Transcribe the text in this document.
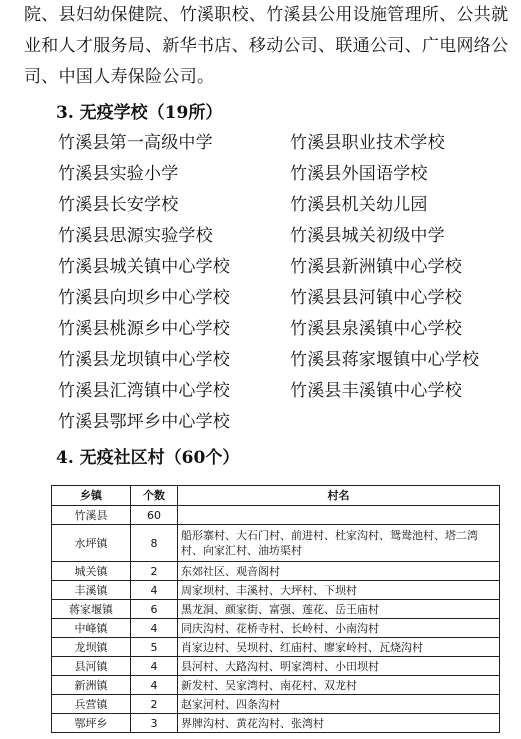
院、县妇幼保健院、竹溪职校、竹溪县公用设施管理所、公共就
业和人才服务局、新华书店、移动公司、联通公司、广电网络公
司、中国人寿保险公司。
3. 无疫学校（19所）
竹溪县第一高级中学
竹溪县实验小学
竹溪县长安学校
竹溪县思源实验学校
竹溪县城关镇中心学校
竹溪县向坝乡中心学校
竹溪县桃源乡中心学校
竹溪县龙坝镇中心学校
竹溪县汇湾镇中心学校
竹溪县鄂坪乡中心学校
竹溪县职业技术学校
竹溪县外国语学校
竹溪县机关幼儿园
竹溪县城关初级中学
竹溪县新洲镇中心学校
竹溪县县河镇中心学校
竹溪县泉溪镇中心学校
竹溪县蒋家堰镇中心学校
竹溪县丰溪镇中心学校
4. 无疫社区村（60个）
乡镇	个数	村名
竹溪县	60	
水坪镇	8	船形寨村、大石门村、前进村、杜家沟村、鸳鸯池村、塔二湾村、向家汇村、油坊渠村
城关镇	2	东郊社区、观音阁村
丰溪镇	4	周家坝村、丰溪村、大坪村、下坝村
蒋家堰镇	6	黑龙洞、颜家街、富强、莲花、岳王庙村
中峰镇	4	同庆沟村、花桥寺村、长岭村、小南沟村
龙坝镇	5	肖家边村、吴坝村、红庙村、廖家岭村、瓦烧沟村
县河镇	4	县河村、大路沟村、明家湾村、小田坝村
新洲镇	4	新发村、吴家湾村、南花村、双龙村
兵营镇	2	赵家河村、四条沟村
鄂坪乡	3	界牌沟村、黄花沟村、张湾村
